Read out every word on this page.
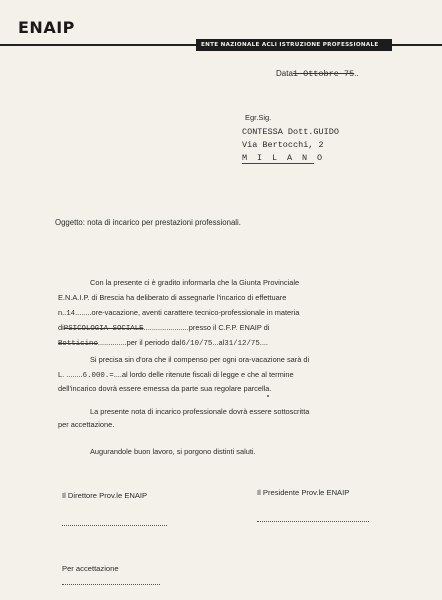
ENAIP
ENTE NAZIONALE ACLI ISTRUZIONE PROFESSIONALE
Data1 Ottobre 75..
Egr.Sig.
CONTESSA Dott.GUIDO
Via Bertocchi, 2
M I L A N O
Oggetto: nota di incarico per prestazioni professionali.
Con la presente ci è gradito informarla che la Giunta Provinciale
E.N.A.I.P. di Brescia ha deliberato di assegnarle l'incarico di effettuare
n..14........ore-vacazione, aventi carattere tecnico-professionale in materia
diPSICOLOGIA SOCIALE......................presso il C.F.P. ENAIP di
Botticino..............per il periodo dal6/10/75...al31/12/75....
Si precisa sin d'ora che il compenso per ogni ora-vacazione sarà di
L. ........6.000.=....al lordo delle ritenute fiscali di legge e che al termine
dell'incarico dovrà essere emessa da parte sua regolare parcella.
La presente nota di incarico professionale dovrà essere sottoscritta
per accettazione.
Augurandole buon lavoro, si porgono distinti saluti.
Il Direttore Prov.le ENAIP	Il Presidente Prov.le ENAIP
Per accettazione
